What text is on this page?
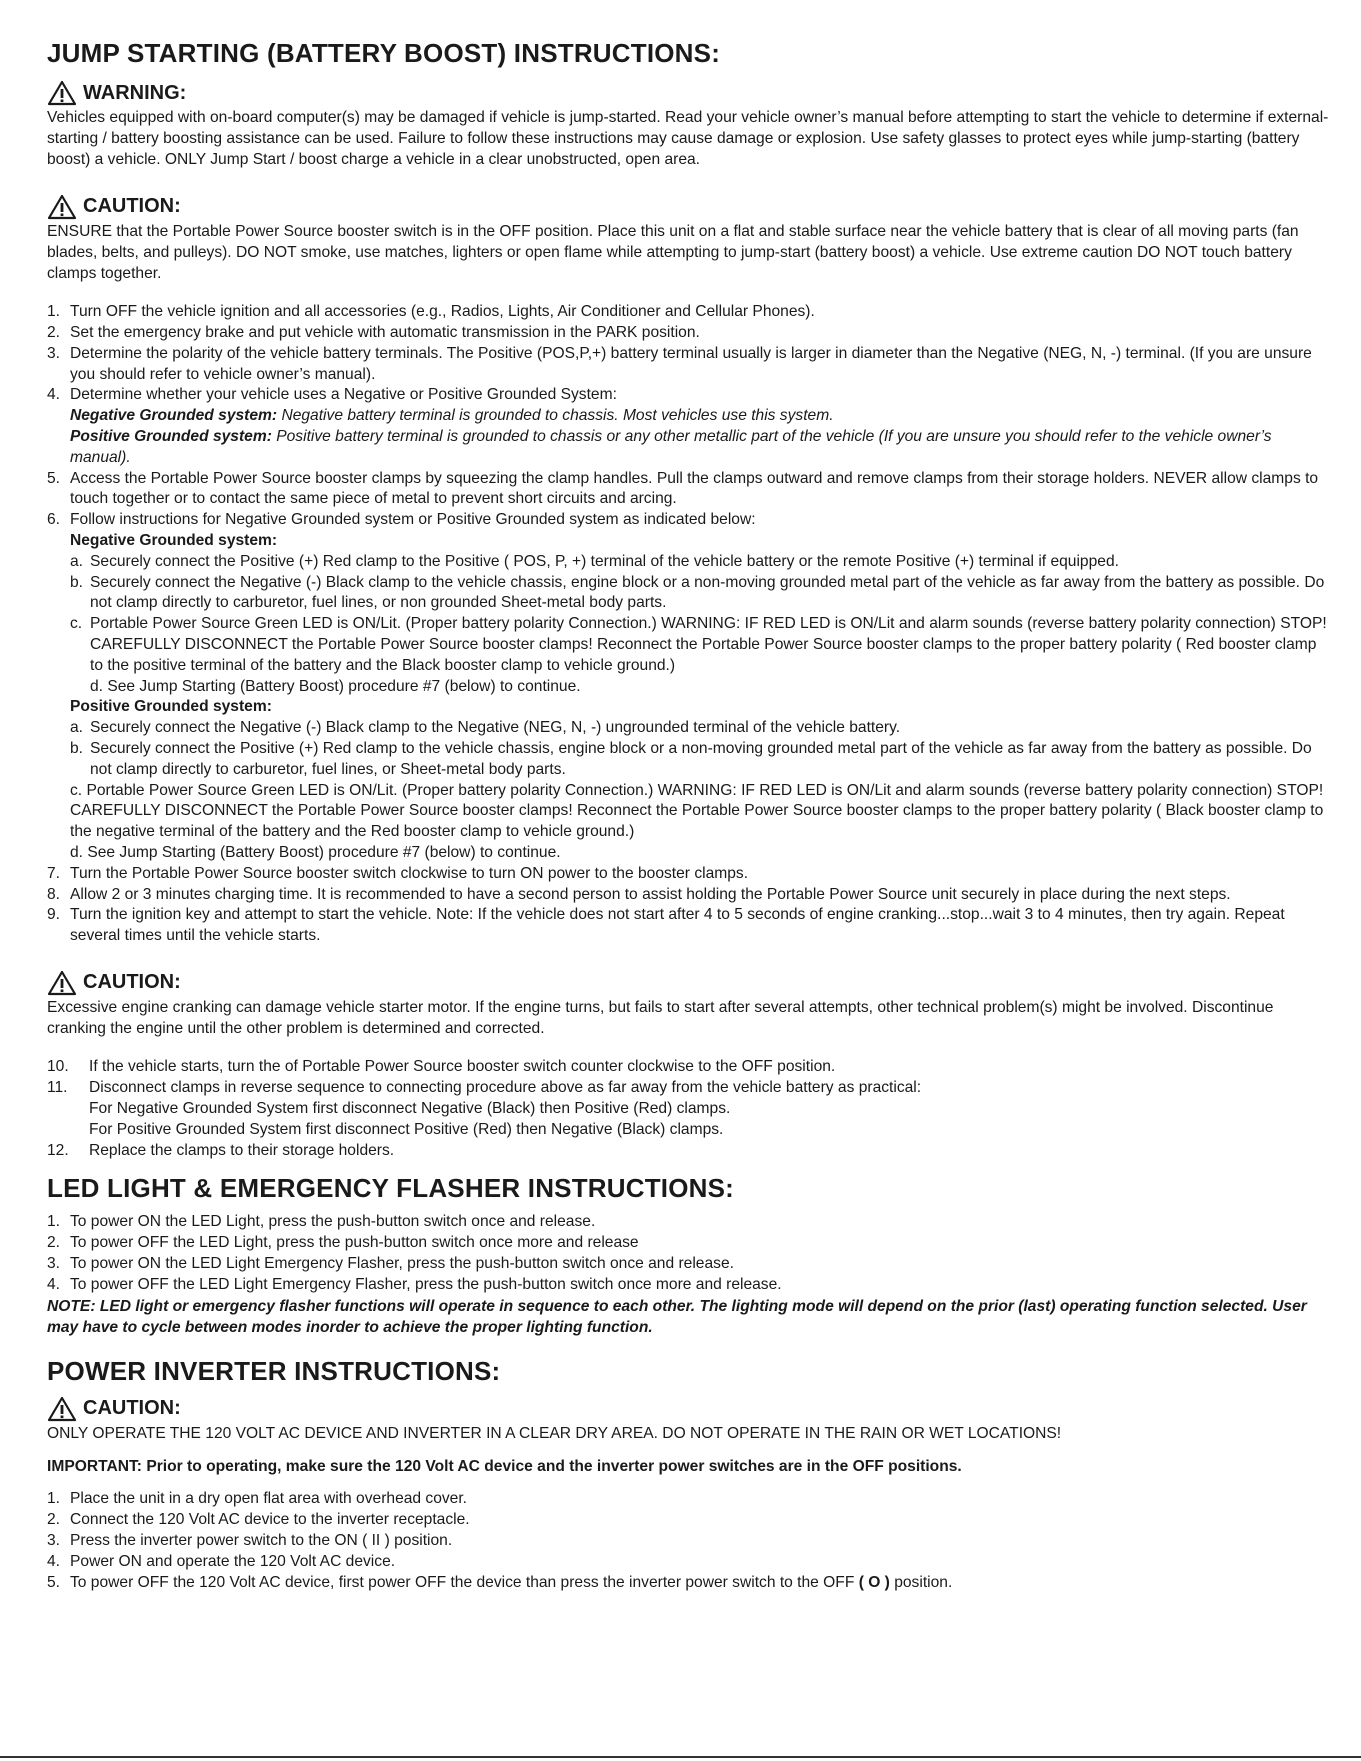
JUMP STARTING (BATTERY BOOST) INSTRUCTIONS:
WARNING:

Vehicles equipped with on-board computer(s) may be damaged if vehicle is jump-started. Read your vehicle owner’s manual before attempting to start the vehicle to determine if external-starting / battery boosting assistance can be used. Failure to follow these instructions may cause damage or explosion. Use safety glasses to protect eyes while jump-starting (battery boost) a vehicle. ONLY Jump Start / boost charge a vehicle in a clear unobstructed, open area.

CAUTION:

ENSURE that the Portable Power Source booster switch is in the OFF position. Place this unit on a flat and stable surface near the vehicle battery that is clear of all moving parts (fan blades, belts, and pulleys). DO NOT smoke, use matches, lighters or open flame while attempting to jump-start (battery boost) a vehicle. Use extreme caution DO NOT touch battery clamps together.

1. Turn OFF the vehicle ignition and all accessories (e.g., Radios, Lights, Air Conditioner and Cellular Phones).
2. Set the emergency brake and put vehicle with automatic transmission in the PARK position.
3. Determine the polarity of the vehicle battery terminals. The Positive (POS,P,+) battery terminal usually is larger in diameter than the Negative (NEG, N, -) terminal. (If you are unsure you should refer to vehicle owner’s manual).
4. Determine whether your vehicle uses a Negative or Positive Grounded System:
Negative Grounded system: Negative battery terminal is grounded to chassis. Most vehicles use this system.
Positive Grounded system: Positive battery terminal is grounded to chassis or any other metallic part of the vehicle (If you are unsure you should refer to the vehicle owner’s manual).
5. Access the Portable Power Source booster clamps by squeezing the clamp handles. Pull the clamps outward and remove clamps from their storage holders. NEVER allow clamps to touch together or to contact the same piece of metal to prevent short circuits and arcing.
6. Follow instructions for Negative Grounded system or Positive Grounded system as indicated below:
Negative Grounded system:
a. Securely connect the Positive (+) Red clamp to the Positive ( POS, P, +) terminal of the vehicle battery or the remote Positive (+) terminal if equipped.
b. Securely connect the Negative (-) Black clamp to the vehicle chassis, engine block or a non-moving grounded metal part of the vehicle as far away from the battery as possible. Do not clamp directly to carburetor, fuel lines, or non grounded Sheet-metal body parts.
c. Portable Power Source Green LED is ON/Lit. (Proper battery polarity Connection.) WARNING: IF RED LED is ON/Lit and alarm sounds (reverse battery polarity connection) STOP! CAREFULLY DISCONNECT the Portable Power Source booster clamps! Reconnect the Portable Power Source booster clamps to the proper battery polarity ( Red booster clamp to the positive terminal of the battery and the Black booster clamp to vehicle ground.)
d. See Jump Starting (Battery Boost) procedure #7 (below) to continue.
Positive Grounded system:
a. Securely connect the Negative (-) Black clamp to the Negative (NEG, N, -) ungrounded terminal of the vehicle battery.
b. Securely connect the Positive (+) Red clamp to the vehicle chassis, engine block or a non-moving grounded metal part of the vehicle as far away from the battery as possible. Do not clamp directly to carburetor, fuel lines, or Sheet-metal body parts.
c. Portable Power Source Green LED is ON/Lit. (Proper battery polarity Connection.) WARNING: IF RED LED is ON/Lit and alarm sounds (reverse battery polarity connection) STOP! CAREFULLY DISCONNECT the Portable Power Source booster clamps! Reconnect the Portable Power Source booster clamps to the proper battery polarity ( Black booster clamp to the negative terminal of the battery and the Red booster clamp to vehicle ground.)
d. See Jump Starting (Battery Boost) procedure #7 (below) to continue.
7. Turn the Portable Power Source booster switch clockwise to turn ON power to the booster clamps.
8. Allow 2 or 3 minutes charging time. It is recommended to have a second person to assist holding the Portable Power Source unit securely in place during the next steps.
9. Turn the ignition key and attempt to start the vehicle. Note: If the vehicle does not start after 4 to 5 seconds of engine cranking...stop...wait 3 to 4 minutes, then try again. Repeat several times until the vehicle starts.
CAUTION:

Excessive engine cranking can damage vehicle starter motor. If the engine turns, but fails to start after several attempts, other technical problem(s) might be involved. Discontinue cranking the engine until the other problem is determined and corrected.

10.	If the vehicle starts, turn the of Portable Power Source booster switch counter clockwise to the OFF position.
11.	Disconnect clamps in reverse sequence to connecting procedure above as far away from the vehicle battery as practical:
For Negative Grounded System first disconnect Negative (Black) then Positive (Red) clamps.
For Positive Grounded System first disconnect Positive (Red) then Negative (Black) clamps.
12.	Replace the clamps to their storage holders.
LED LIGHT & EMERGENCY FLASHER INSTRUCTIONS:
1. To power ON the LED Light, press the push-button switch once and release.
2. To power OFF the LED Light, press the push-button switch once more and release
3. To power ON the LED Light Emergency Flasher, press the push-button switch once and release.
4. To power OFF the LED Light Emergency Flasher, press the push-button switch once more and release.

NOTE: LED light or emergency flasher functions will operate in sequence to each other. The lighting mode will depend on the prior (last) operating function selected. User may have to cycle between modes inorder to achieve the proper lighting function.

POWER INVERTER INSTRUCTIONS:
CAUTION:

ONLY OPERATE THE 120 VOLT AC DEVICE AND INVERTER IN A CLEAR DRY AREA. DO NOT OPERATE IN THE RAIN OR WET LOCATIONS!

IMPORTANT: Prior to operating, make sure the 120 Volt AC device and the inverter power switches are in the OFF positions.

1. Place the unit in a dry open flat area with overhead cover.
2. Connect the 120 Volt AC device to the inverter receptacle.
3. Press the inverter power switch to the ON ( II ) position.
4. Power ON and operate the 120 Volt AC device.
5. To power OFF the 120 Volt AC device, first power OFF the device than press the inverter power switch to the OFF ( O ) position.
